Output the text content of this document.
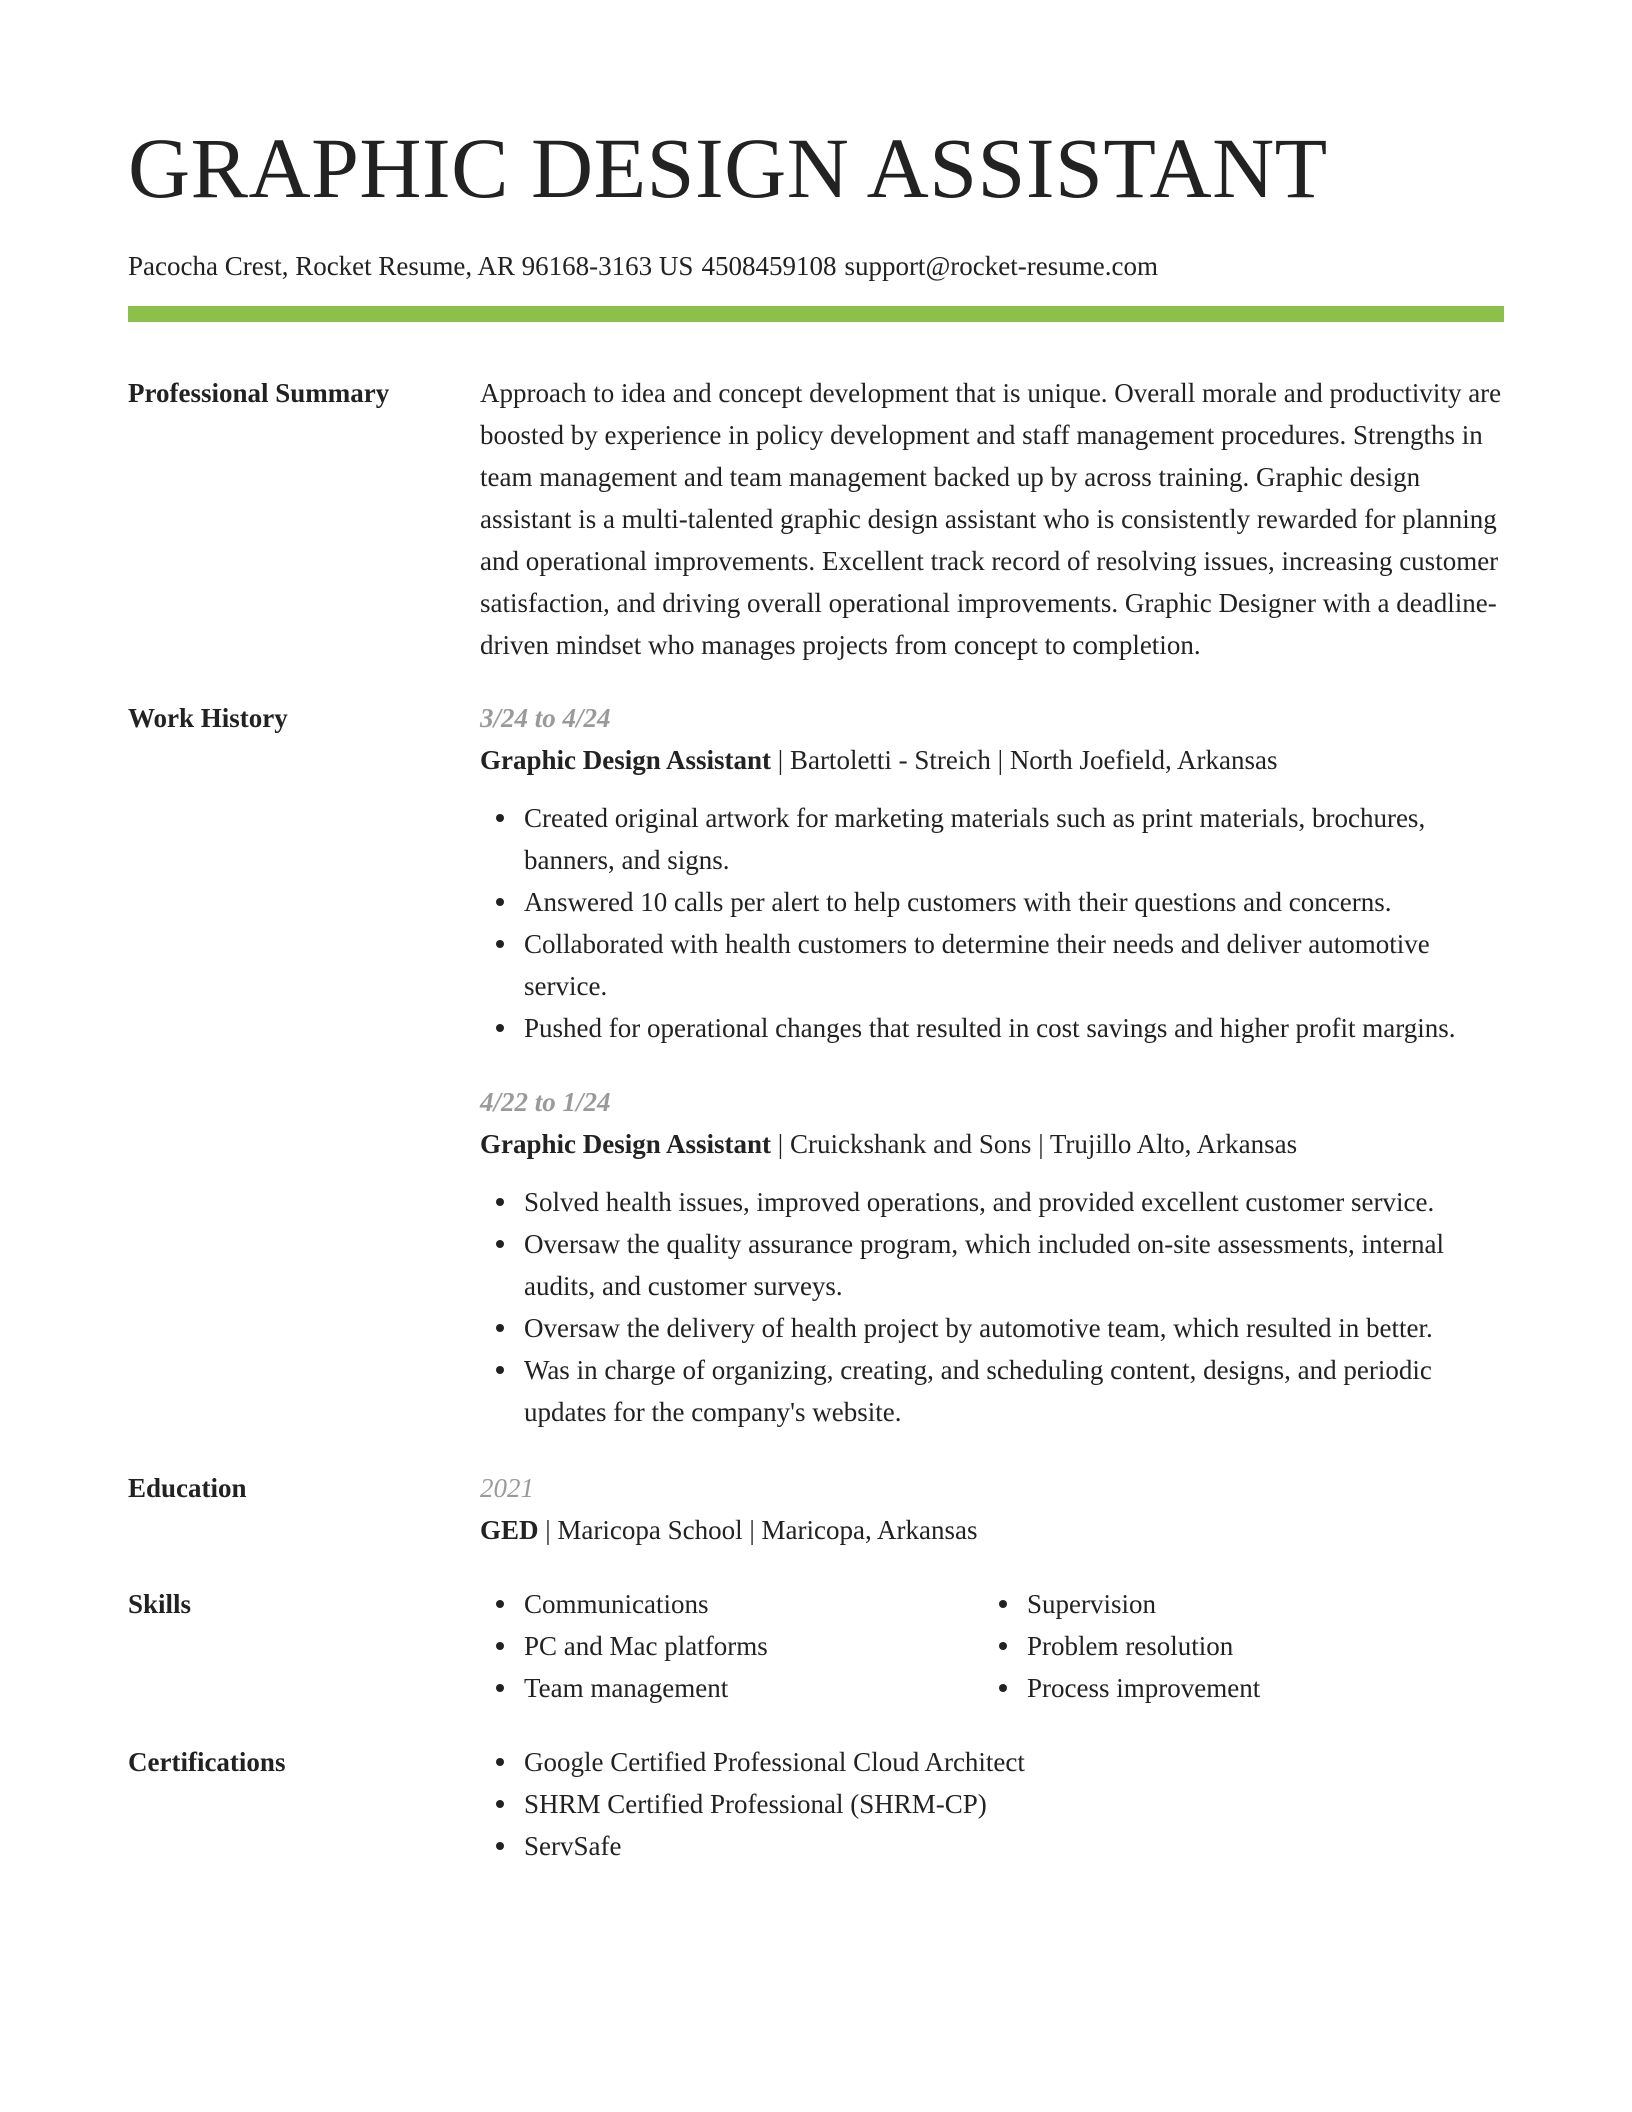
GRAPHIC DESIGN ASSISTANT
Pacocha Crest, Rocket Resume, AR 96168-3163 US 4508459108 support@rocket-resume.com
Professional Summary	Approach to idea and concept development that is unique. Overall morale and productivity are boosted by experience in policy development and staff management procedures. Strengths in team management and team management backed up by across training. Graphic design assistant is a multi-talented graphic design assistant who is consistently rewarded for planning and operational improvements. Excellent track record of resolving issues, increasing customer satisfaction, and driving overall operational improvements. Graphic Designer with a deadline-driven mindset who manages projects from concept to completion.

Work History	3/24 to 4/24
Graphic Design Assistant | Bartoletti - Streich | North Joefield, Arkansas
Created original artwork for marketing materials such as print materials, brochures, banners, and signs.
Answered 10 calls per alert to help customers with their questions and concerns.
Collaborated with health customers to determine their needs and deliver automotive service.
Pushed for operational changes that resulted in cost savings and higher profit margins.
4/22 to 1/24
Graphic Design Assistant | Cruickshank and Sons | Trujillo Alto, Arkansas
Solved health issues, improved operations, and provided excellent customer service.
Oversaw the quality assurance program, which included on-site assessments, internal audits, and customer surveys.
Oversaw the delivery of health project by automotive team, which resulted in better.
Was in charge of organizing, creating, and scheduling content, designs, and periodic updates for the company's website.
Education	2021
GED | Maricopa School | Maricopa, Arkansas
Skills	Communications
PC and Mac platforms
Team management
Supervision
Problem resolution
Process improvement
Certifications	Google Certified Professional Cloud Architect
SHRM Certified Professional (SHRM-CP)
ServSafe
